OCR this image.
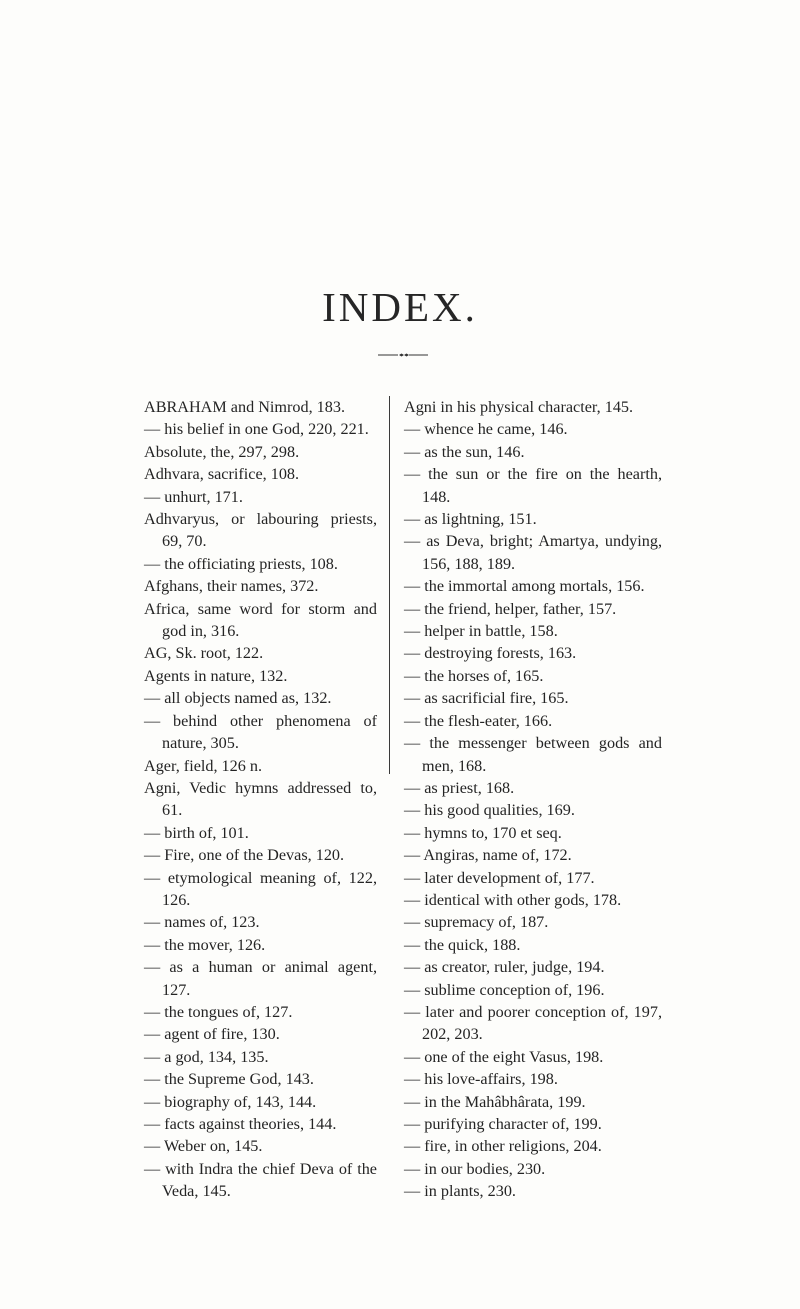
INDEX.

ABRAHAM and Nimrod, 183.

— his belief in one God, 220, 221.

Absolute, the, 297, 298.

Adhvara, sacrifice, 108.

— unhurt, 171.

Adhvaryus, or labouring priests, 69, 70.

— the officiating priests, 108.

Afghans, their names, 372.

Africa, same word for storm and god in, 316.

AG, Sk. root, 122.

Agents in nature, 132.

— all objects named as, 132.

— behind other phenomena of nature, 305.

Ager, field, 126 n.

Agni, Vedic hymns addressed to, 61.

— birth of, 101.

— Fire, one of the Devas, 120.

— etymological meaning of, 122, 126.

— names of, 123.

— the mover, 126.

— as a human or animal agent, 127.

— the tongues of, 127.

— agent of fire, 130.

— a god, 134, 135.

— the Supreme God, 143.

— biography of, 143, 144.

— facts against theories, 144.

— Weber on, 145.

— with Indra the chief Deva of the Veda, 145.

Agni in his physical character, 145.

— whence he came, 146.

— as the sun, 146.

— the sun or the fire on the hearth, 148.

— as lightning, 151.

— as Deva, bright; Amartya, undying, 156, 188, 189.

— the immortal among mortals, 156.

— the friend, helper, father, 157.

— helper in battle, 158.

— destroying forests, 163.

— the horses of, 165.

— as sacrificial fire, 165.

— the flesh-eater, 166.

— the messenger between gods and men, 168.

— as priest, 168.

— his good qualities, 169.

— hymns to, 170 et seq.

— Angiras, name of, 172.

— later development of, 177.

— identical with other gods, 178.

— supremacy of, 187.

— the quick, 188.

— as creator, ruler, judge, 194.

— sublime conception of, 196.

— later and poorer conception of, 197, 202, 203.

— one of the eight Vasus, 198.

— his love-affairs, 198.

— in the Mahâbhârata, 199.

— purifying character of, 199.

— fire, in other religions, 204.

— in our bodies, 230.

— in plants, 230.
